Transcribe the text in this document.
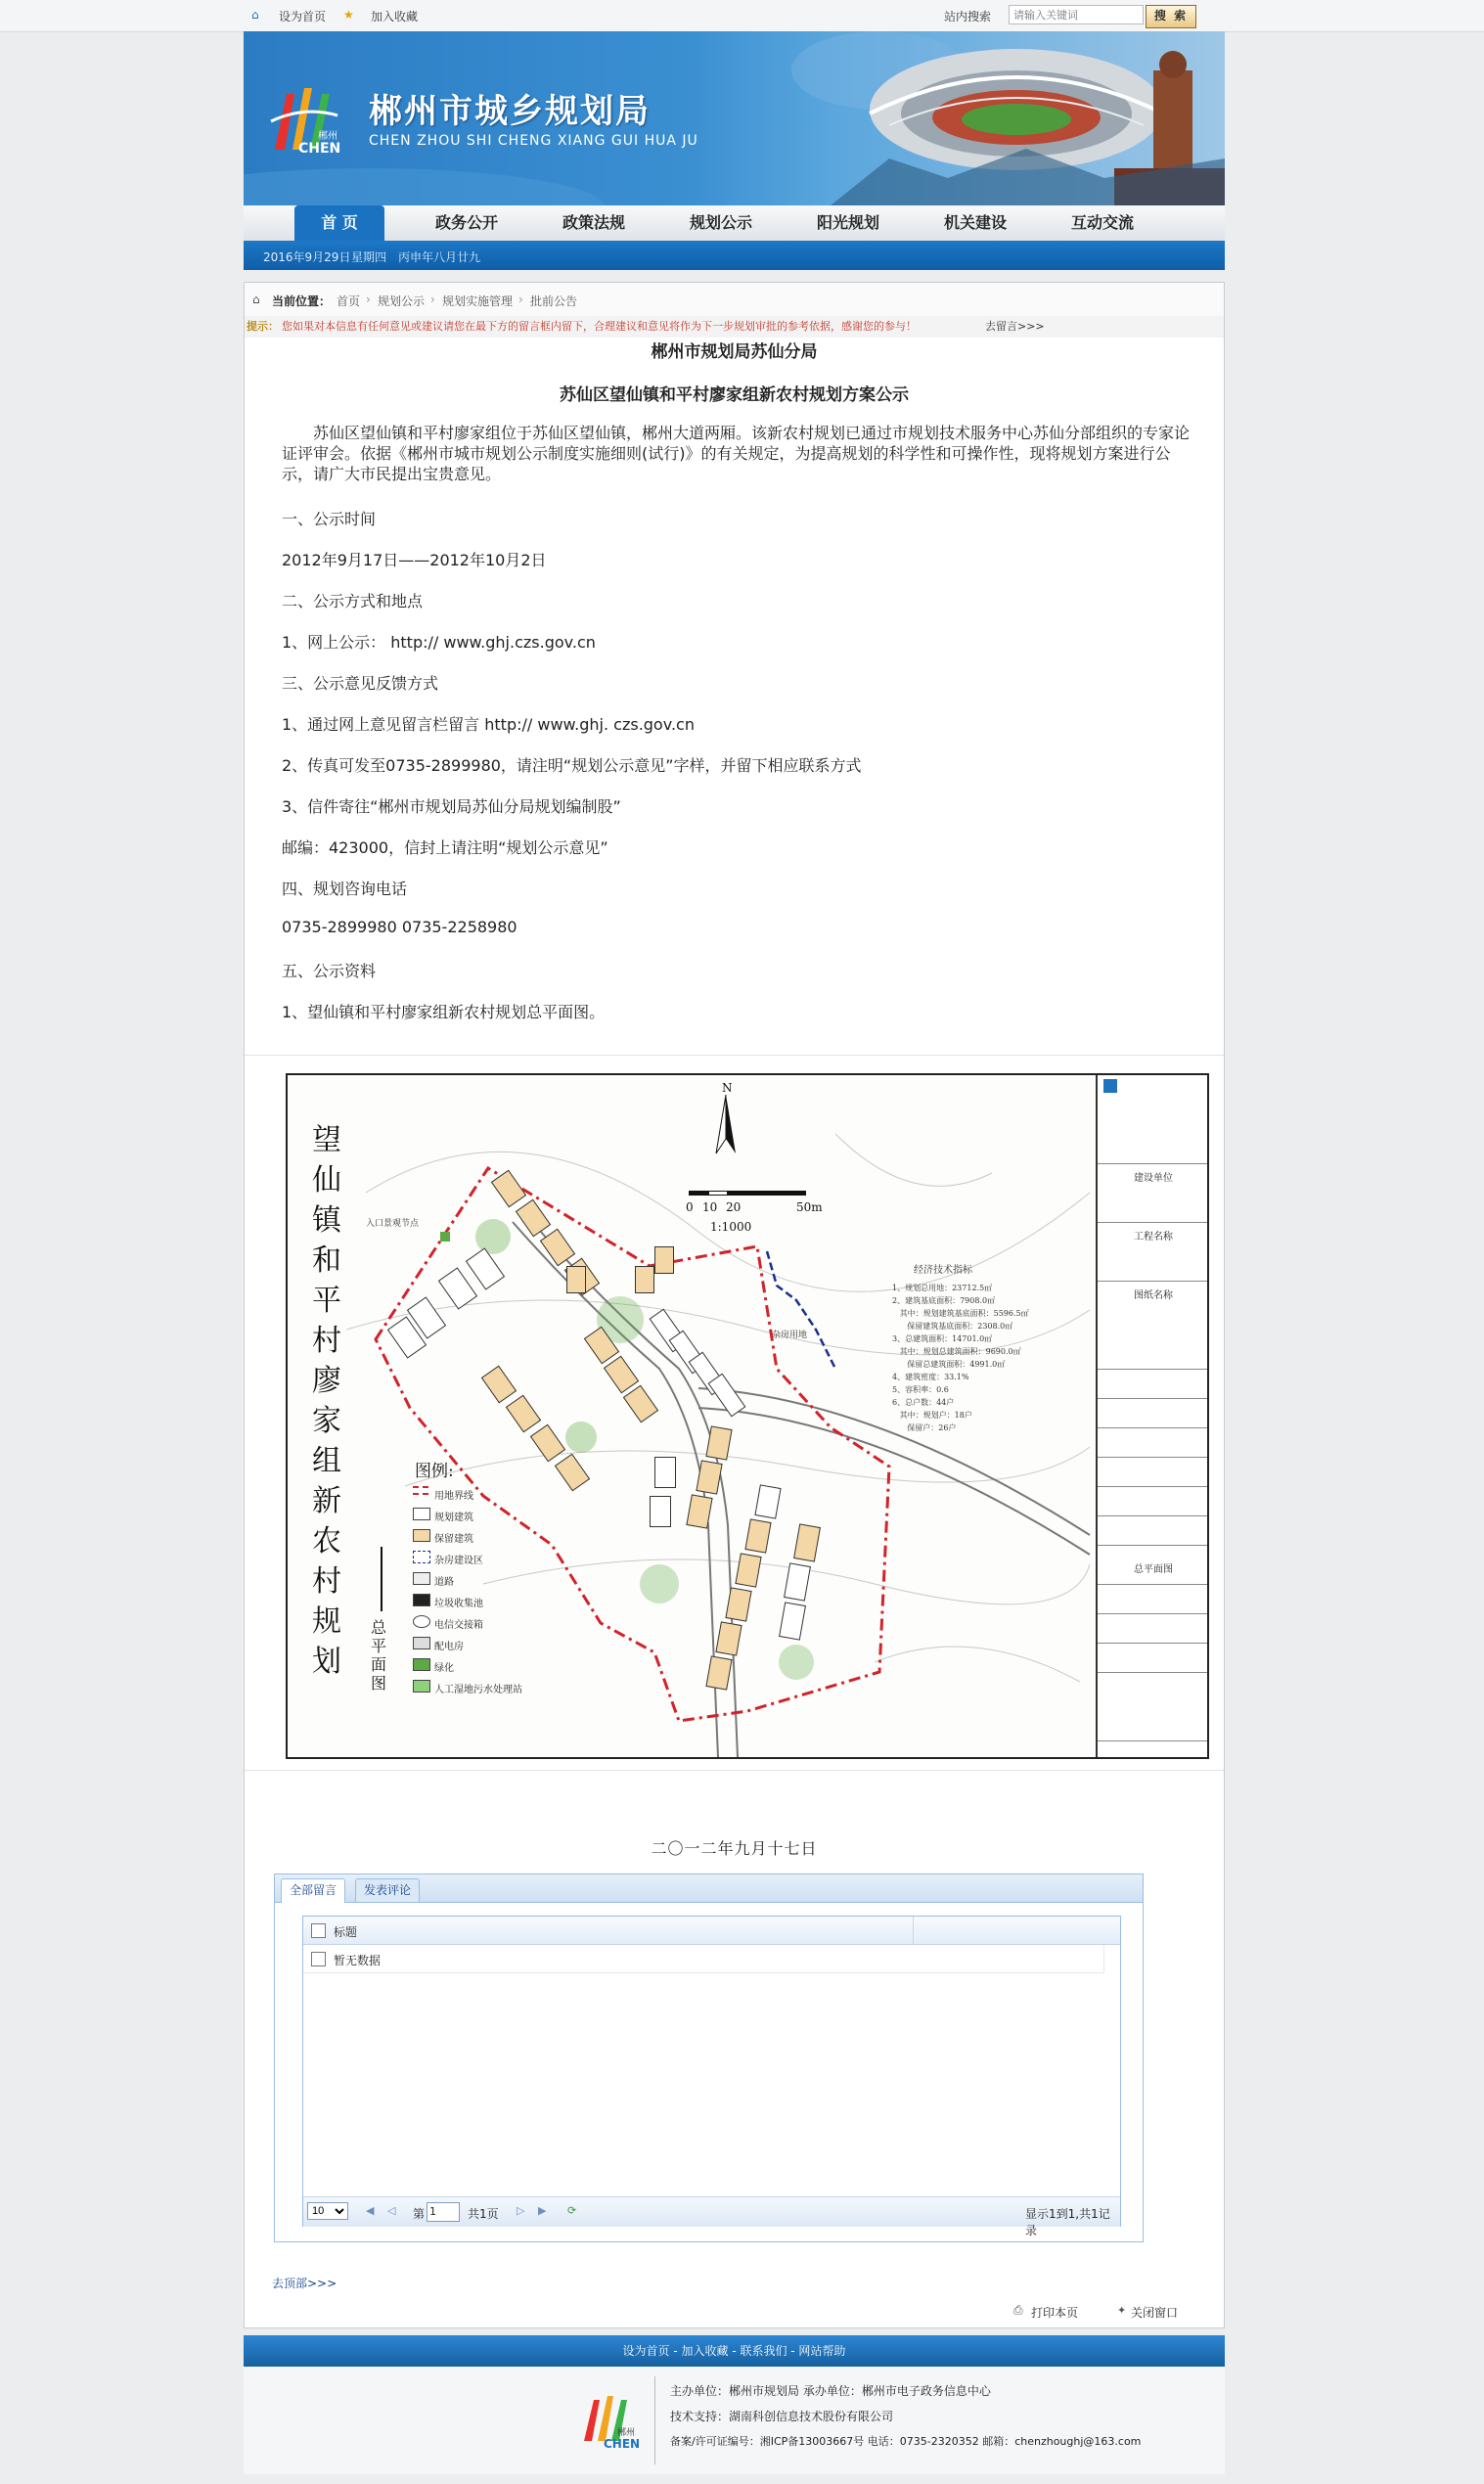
⌂ 设为首页 ★ 加入收藏	站内搜索
请输入关键词	搜 索
郴州
CHEN
郴州市城乡规划局
CHEN ZHOU SHI CHENG XIANG GUI HUA JU
首 页	政务公开	政策法规	规划公示	阳光规划	机关建设	互动交流
2016年9月29日 星期四 丙申年八月廿九
⌂ 当前位置： 首页 › 规划公示 › 规划实施管理 › 批前公告
提示： 您如果对本信息有任何意见或建议请您在最下方的留言框内留下，合理建议和意见将作为下一步规划审批的参考依据，感谢您的参与！	去留言>>>
郴州市规划局苏仙分局
苏仙区望仙镇和平村廖家组新农村规划方案公示
苏仙区望仙镇和平村廖家组位于苏仙区望仙镇，郴州大道两厢。该新农村规划已通过市规划技术服务中心苏仙分部组织的专家论证评审会。依据《郴州市城市规划公示制度实施细则(试行)》的有关规定，为提高规划的科学性和可操作性，现将规划方案进行公示，请广大市民提出宝贵意见。
一、公示时间
2012年9月17日——2012年10月2日
二、公示方式和地点
1、网上公示： http:// www.ghj.czs.gov.cn
三、公示意见反馈方式
1、通过网上意见留言栏留言 http:// www.ghj. czs.gov.cn
2、传真可发至0735-2899980，请注明“规划公示意见”字样，并留下相应联系方式
3、信件寄往“郴州市规划局苏仙分局规划编制股”
邮编：423000，信封上请注明“规划公示意见”
四、规划咨询电话
0735-2899980 0735-2258980
五、公示资料
1、望仙镇和平村廖家组新农村规划总平面图。
望
仙
镇
和
平
村
廖
家
组
新
农
村
规
划
总
平
面
图
N
0 10 20	50m
1:1000
入口景观节点
杂房用地
经济技术指标
1、规划总用地：23712.5㎡
2、建筑基底面积：7908.0㎡
其中：规划建筑基底面积：5596.5㎡
保留建筑基底面积：2308.0㎡
3、总建筑面积：14701.0㎡
其中：规划总建筑面积：9690.0㎡
保留总建筑面积：4991.0㎡
4、建筑密度：33.1%
5、容积率：0.6
6、总户数：44户
其中：规划户：18户
保留户：26户
图例:
用地界线
规划建筑
保留建筑
杂房建设区
道路
垃圾收集池
电信交接箱
配电房
绿化
人工湿地污水处理站
建设单位
工程名称
图纸名称
总平面图
二〇一二年九月十七日
全部留言	发表评论
标题
暂无数据
10
◀	◁ 第 1	共1页 ▷	▶	⟳	显示1到1,共1记录
去顶部>>>
⎙ 打印本页	✦ 关闭窗口
设为首页 - 加入收藏 - 联系我们 - 网站帮助
郴州
CHEN
主办单位：郴州市规划局 承办单位：郴州市电子政务信息中心
技术支持：湖南科创信息技术股份有限公司
备案/许可证编号：湘ICP备13003667号 电话：0735-2320352 邮箱：chenzhoughj@163.com
